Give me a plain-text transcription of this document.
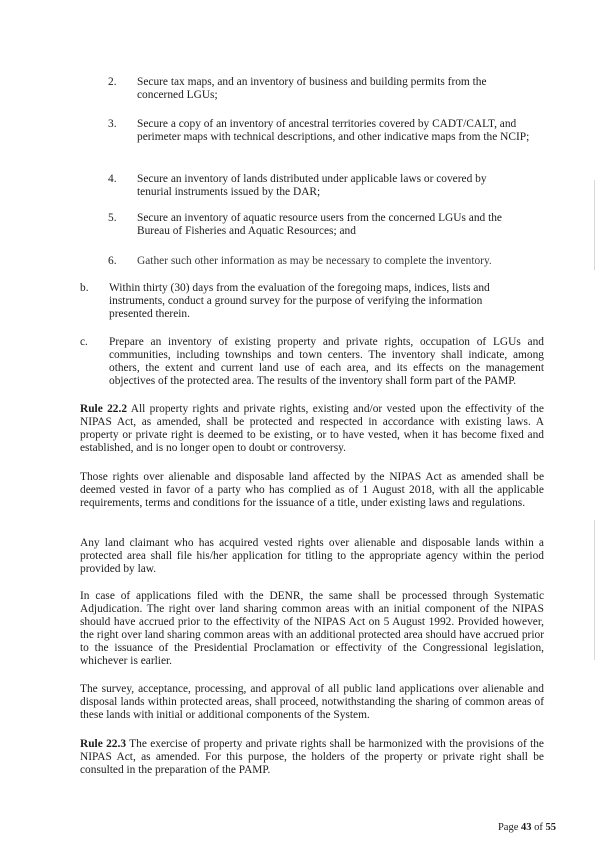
2. Secure tax maps, and an inventory of business and building permits from the concerned LGUs;

3. Secure a copy of an inventory of ancestral territories covered by CADT/CALT, and perimeter maps with technical descriptions, and other indicative maps from the NCIP;

4. Secure an inventory of lands distributed under applicable laws or covered by tenurial instruments issued by the DAR;

5. Secure an inventory of aquatic resource users from the concerned LGUs and the Bureau of Fisheries and Aquatic Resources; and

6. Gather such other information as may be necessary to complete the inventory.

b. Within thirty (30) days from the evaluation of the foregoing maps, indices, lists and instruments, conduct a ground survey for the purpose of verifying the information presented therein.

c. Prepare an inventory of existing property and private rights, occupation of LGUs and communities, including townships and town centers. The inventory shall indicate, among others, the extent and current land use of each area, and its effects on the management objectives of the protected area. The results of the inventory shall form part of the PAMP.

Rule 22.2 All property rights and private rights, existing and/or vested upon the effectivity of the NIPAS Act, as amended, shall be protected and respected in accordance with existing laws. A property or private right is deemed to be existing, or to have vested, when it has become fixed and established, and is no longer open to doubt or controversy.

Those rights over alienable and disposable land affected by the NIPAS Act as amended shall be deemed vested in favor of a party who has complied as of 1 August 2018, with all the applicable requirements, terms and conditions for the issuance of a title, under existing laws and regulations.

Any land claimant who has acquired vested rights over alienable and disposable lands within a protected area shall file his/her application for titling to the appropriate agency within the period provided by law.

In case of applications filed with the DENR, the same shall be processed through Systematic Adjudication. The right over land sharing common areas with an initial component of the NIPAS should have accrued prior to the effectivity of the NIPAS Act on 5 August 1992. Provided however, the right over land sharing common areas with an additional protected area should have accrued prior to the issuance of the Presidential Proclamation or effectivity of the Congressional legislation, whichever is earlier.

The survey, acceptance, processing, and approval of all public land applications over alienable and disposal lands within protected areas, shall proceed, notwithstanding the sharing of common areas of these lands with initial or additional components of the System.

Rule 22.3 The exercise of property and private rights shall be harmonized with the provisions of the NIPAS Act, as amended. For this purpose, the holders of the property or private right shall be consulted in the preparation of the PAMP.

Page 43 of 55
